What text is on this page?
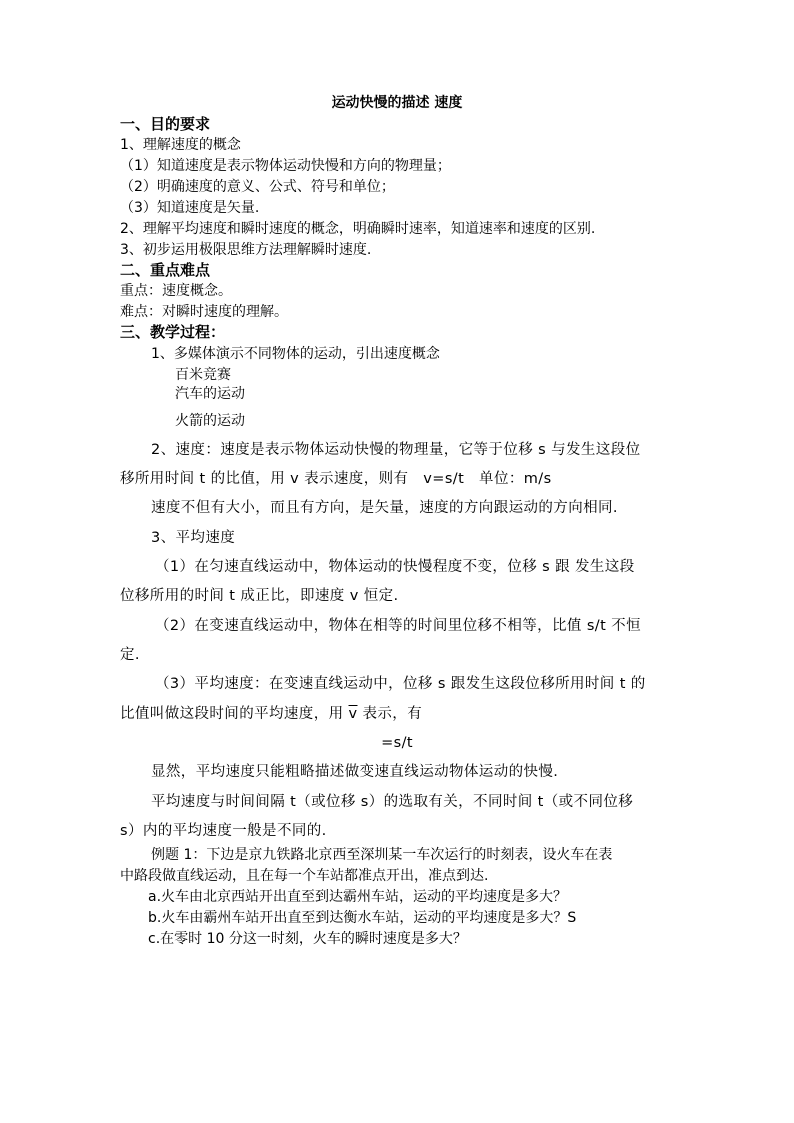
运动快慢的描述 速度
一、目的要求
1、理解速度的概念
（1）知道速度是表示物体运动快慢和方向的物理量；
（2）明确速度的意义、公式、符号和单位；
（3）知道速度是矢量.
2、理解平均速度和瞬时速度的概念，明确瞬时速率，知道速率和速度的区别.
3、初步运用极限思维方法理解瞬时速度.
二、重点难点
重点：速度概念。
难点：对瞬时速度的理解。
三、教学过程：
1、多媒体演示不同物体的运动，引出速度概念
百米竞赛
汽车的运动
火箭的运动
2、速度：速度是表示物体运动快慢的物理量，它等于位移 s 与发生这段位
移所用时间 t 的比值，用 v 表示速度，则有　v=s/t　单位：m/s
速度不但有大小，而且有方向，是矢量，速度的方向跟运动的方向相同.
3、平均速度
（1）在匀速直线运动中，物体运动的快慢程度不变，位移 s 跟 发生这段
位移所用的时间 t 成正比，即速度 v 恒定.
（2）在变速直线运动中，物体在相等的时间里位移不相等，比值 s/t 不恒
定.
（3）平均速度：在变速直线运动中，位移 s 跟发生这段位移所用时间 t 的
比值叫做这段时间的平均速度，用 $\overline{v}$ 表示，有
=s/t
显然，平均速度只能粗略描述做变速直线运动物体运动的快慢.
平均速度与时间间隔 t（或位移 s）的选取有关，不同时间 t（或不同位移
s）内的平均速度一般是不同的.
例题 1：下边是京九铁路北京西至深圳某一车次运行的时刻表，设火车在表
中路段做直线运动，且在每一个车站都准点开出，准点到达.
a.火车由北京西站开出直至到达霸州车站，运动的平均速度是多大？
b.火车由霸州车站开出直至到达衡水车站，运动的平均速度是多大？S
c.在零时 10 分这一时刻，火车的瞬时速度是多大？
